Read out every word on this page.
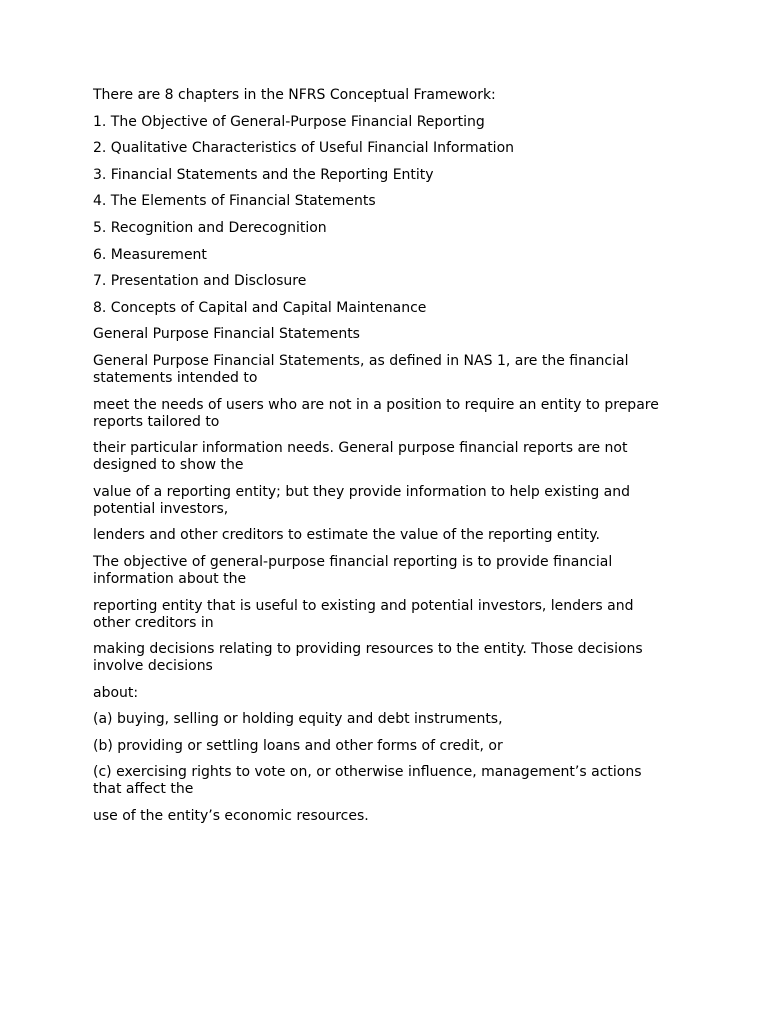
There are 8 chapters in the NFRS Conceptual Framework:

1. The Objective of General-Purpose Financial Reporting

2. Qualitative Characteristics of Useful Financial Information

3. Financial Statements and the Reporting Entity

4. The Elements of Financial Statements

5. Recognition and Derecognition

6. Measurement

7. Presentation and Disclosure

8. Concepts of Capital and Capital Maintenance

General Purpose Financial Statements

General Purpose Financial Statements, as defined in NAS 1, are the financial statements intended to

meet the needs of users who are not in a position to require an entity to prepare reports tailored to

their particular information needs. General purpose financial reports are not designed to show the

value of a reporting entity; but they provide information to help existing and potential investors,

lenders and other creditors to estimate the value of the reporting entity.

The objective of general-purpose financial reporting is to provide financial information about the

reporting entity that is useful to existing and potential investors, lenders and other creditors in

making decisions relating to providing resources to the entity. Those decisions involve decisions

about:

(a) buying, selling or holding equity and debt instruments,

(b) providing or settling loans and other forms of credit, or

(c) exercising rights to vote on, or otherwise influence, management’s actions that affect the

use of the entity’s economic resources.
